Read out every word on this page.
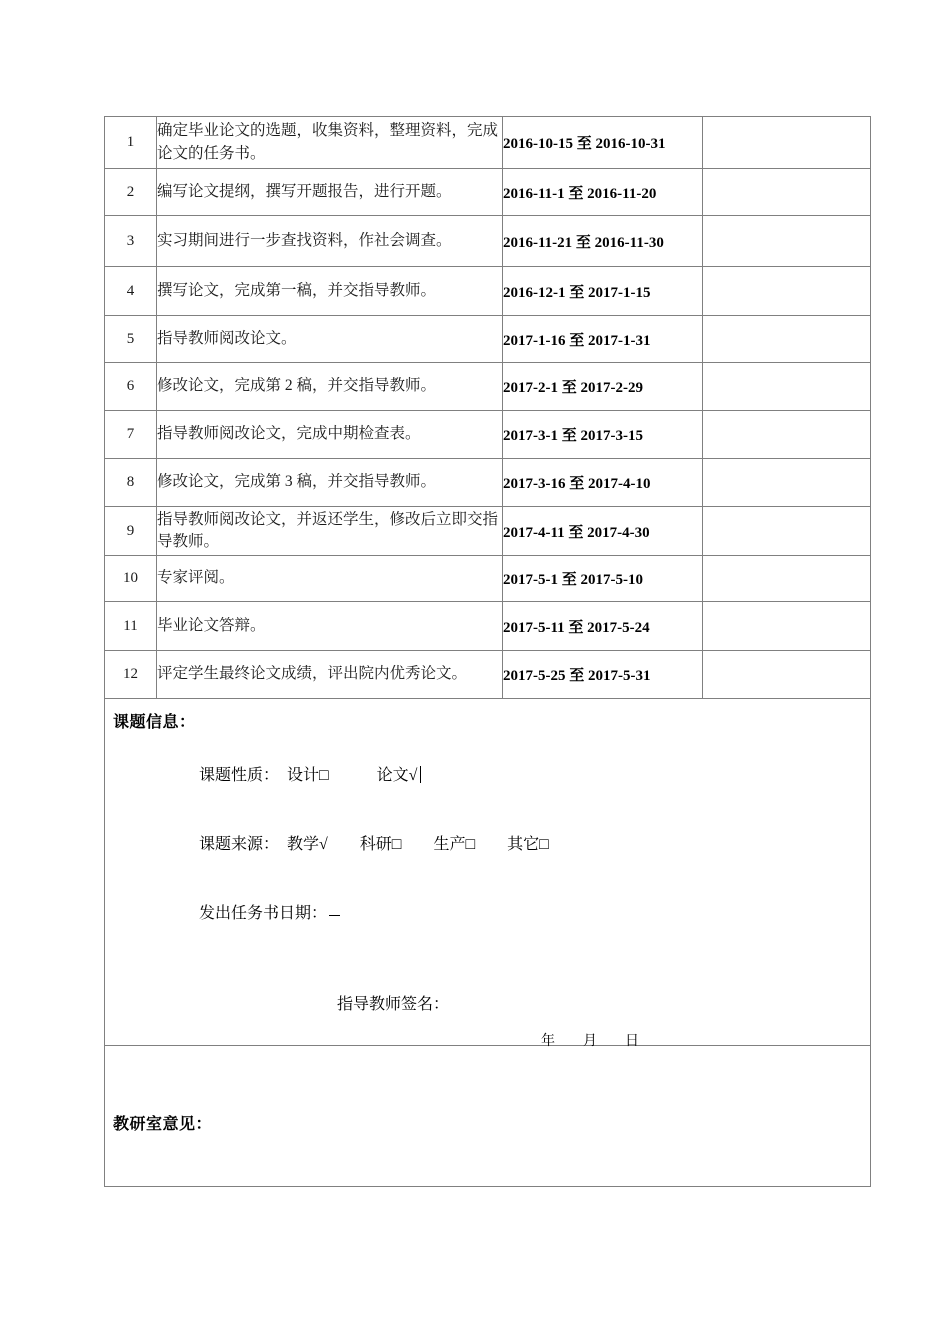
1	确定毕业论文的选题，收集资料，整理资料，完成论文的任务书。	2016-10-15 至 2016-10-31	
2	编写论文提纲，撰写开题报告，进行开题。	2016-11-1 至 2016-11-20	
3	实习期间进行一步查找资料，作社会调查。	2016-11-21 至 2016-11-30	
4	撰写论文，完成第一稿，并交指导教师。	2016-12-1 至 2017-1-15	
5	指导教师阅改论文。	2017-1-16 至 2017-1-31	
6	修改论文，完成第 2 稿，并交指导教师。	2017-2-1 至 2017-2-29	
7	指导教师阅改论文，完成中期检查表。	2017-3-1 至 2017-3-15	
8	修改论文，完成第 3 稿，并交指导教师。	2017-3-16 至 2017-4-10	
9	指导教师阅改论文，并返还学生，修改后立即交指导教师。	2017-4-11 至 2017-4-30	
10	专家评阅。	2017-5-1 至 2017-5-10	
11	毕业论文答辩。	2017-5-11 至 2017-5-24	
12	评定学生最终论文成绩，评出院内优秀论文。	2017-5-25 至 2017-5-31	

课题信息：

课题性质：　设计□　　　论文√

课题来源：　教学√　　科研□　　生产□　　其它□

发出任务书日期：

指导教师签名：
年　月　日

教研室意见：			
